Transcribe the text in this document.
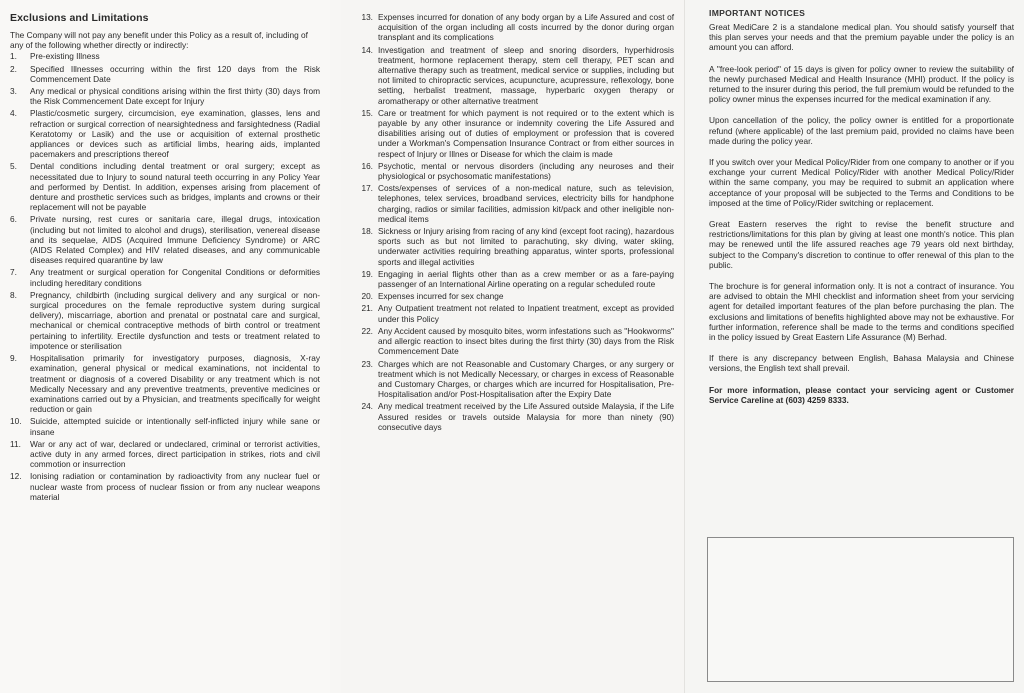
Exclusions and Limitations
The Company will not pay any benefit under this Policy as a result of, including of any of the following whether directly or indirectly:
1.	Pre-existing Illness
2.	Specified Illnesses occurring within the first 120 days from the Risk Commencement Date
3.	Any medical or physical conditions arising within the first thirty (30) days from the Risk Commencement Date except for Injury
4.	Plastic/cosmetic surgery, circumcision, eye examination, glasses, lens and refraction or surgical correction of nearsightedness and farsightedness (Radial Keratotomy or Lasik) and the use or acquisition of external prosthetic appliances or devices such as artificial limbs, hearing aids, implanted pacemakers and prescriptions thereof
5.	Dental conditions including dental treatment or oral surgery; except as necessitated due to Injury to sound natural teeth occurring in any Policy Year and performed by Dentist. In addition, expenses arising from placement of denture and prosthetic services such as bridges, implants and crowns or their replacement will not be payable
6.	Private nursing, rest cures or sanitaria care, illegal drugs, intoxication (including but not limited to alcohol and drugs), sterilisation, venereal disease and its sequelae, AIDS (Acquired Immune Deficiency Syndrome) or ARC (AIDS Related Complex) and HIV related diseases, and any communicable diseases required quarantine by law
7.	Any treatment or surgical operation for Congenital Conditions or deformities including hereditary conditions
8.	Pregnancy, childbirth (including surgical delivery and any surgical or non-surgical procedures on the female reproductive system during surgical delivery), miscarriage, abortion and prenatal or postnatal care and surgical, mechanical or chemical contraceptive methods of birth control or treatment pertaining to infertility. Erectile dysfunction and tests or treatment related to impotence or sterilisation
9.	Hospitalisation primarily for investigatory purposes, diagnosis, X-ray examination, general physical or medical examinations, not incidental to treatment or diagnosis of a covered Disability or any treatment which is not Medically Necessary and any preventive treatments, preventive medicines or examinations carried out by a Physician, and treatments specifically for weight reduction or gain
10.	Suicide, attempted suicide or intentionally self-inflicted injury while sane or insane
11.	War or any act of war, declared or undeclared, criminal or terrorist activities, active duty in any armed forces, direct participation in strikes, riots and civil commotion or insurrection
12.	Ionising radiation or contamination by radioactivity from any nuclear fuel or nuclear waste from process of nuclear fission or from any nuclear weapons material
13. Expenses incurred for donation of any body organ by a Life Assured and cost of acquisition of the organ including all costs incurred by the donor during organ transplant and its complications
14. Investigation and treatment of sleep and snoring disorders, hyperhidrosis treatment, hormone replacement therapy, stem cell therapy, PET scan and alternative therapy such as treatment, medical service or supplies, including but not limited to chiropractic services, acupuncture, acupressure, reflexology, bone setting, herbalist treatment, massage, hyperbaric oxygen therapy or aromatherapy or other alternative treatment
15. Care or treatment for which payment is not required or to the extent which is payable by any other insurance or indemnity covering the Life Assured and disabilities arising out of duties of employment or profession that is covered under a Workman's Compensation Insurance Contract or from either sources in respect of Injury or Illnes or Disease for which the claim is made
16. Psychotic, mental or nervous disorders (including any neuroses and their physiological or psychosomatic manifestations)
17. Costs/expenses of services of a non-medical nature, such as television, telephones, telex services, broadband services, electricity bills for handphone charging, radios or similar facilities, admission kit/pack and other ineligible non-medical items
18. Sickness or Injury arising from racing of any kind (except foot racing), hazardous sports such as but not limited to parachuting, sky diving, water skiing, underwater activities requiring breathing apparatus, winter sports, professional sports and illegal activities
19. Engaging in aerial flights other than as a crew member or as a fare-paying passenger of an International Airline operating on a regular scheduled route
20. Expenses incurred for sex change
21. Any Outpatient treatment not related to Inpatient treatment, except as provided under this Policy
22. Any Accident caused by mosquito bites, worm infestations such as "Hookworms" and allergic reaction to insect bites during the first thirty (30) days from the Risk Commencement Date
23. Charges which are not Reasonable and Customary Charges, or any surgery or treatment which is not Medically Necessary, or charges in excess of Reasonable and Customary Charges, or charges which are incurred for Hospitalisation, Pre-Hospitalisation and/or Post-Hospitalisation after the Expiry Date
24. Any medical treatment received by the Life Assured outside Malaysia, if the Life Assured resides or travels outside Malaysia for more than ninety (90) consecutive days
IMPORTANT NOTICES
Great MediCare 2 is a standalone medical plan. You should satisfy yourself that this plan serves your needs and that the premium payable under the policy is an amount you can afford.
A "free-look period" of 15 days is given for policy owner to review the suitability of the newly purchased Medical and Health Insurance (MHI) product. If the policy is returned to the insurer during this period, the full premium would be refunded to the policy owner minus the expenses incurred for the medical examination if any.
Upon cancellation of the policy, the policy owner is entitled for a proportionate refund (where applicable) of the last premium paid, provided no claims have been made during the policy year.
If you switch over your Medical Policy/Rider from one company to another or if you exchange your current Medical Policy/Rider with another Medical Policy/Rider within the same company, you may be required to submit an application where acceptance of your proposal will be subjected to the Terms and Conditions to be imposed at the time of Policy/Rider switching or replacement.
Great Eastern reserves the right to revise the benefit structure and restrictions/limitations for this plan by giving at least one month's notice. This plan may be renewed until the life assured reaches age 79 years old next birthday, subject to the Company's discretion to continue to offer renewal of this plan to the public.
The brochure is for general information only. It is not a contract of insurance. You are advised to obtain the MHI checklist and information sheet from your servicing agent for detailed important features of the plan before purchasing the plan. The exclusions and limitations of benefits highlighted above may not be exhaustive. For further information, reference shall be made to the terms and conditions specified in the policy issued by Great Eastern Life Assurance (M) Berhad.
If there is any discrepancy between English, Bahasa Malaysia and Chinese versions, the English text shall prevail.
For more information, please contact your servicing agent or Customer Service Careline at (603) 4259 8333.
